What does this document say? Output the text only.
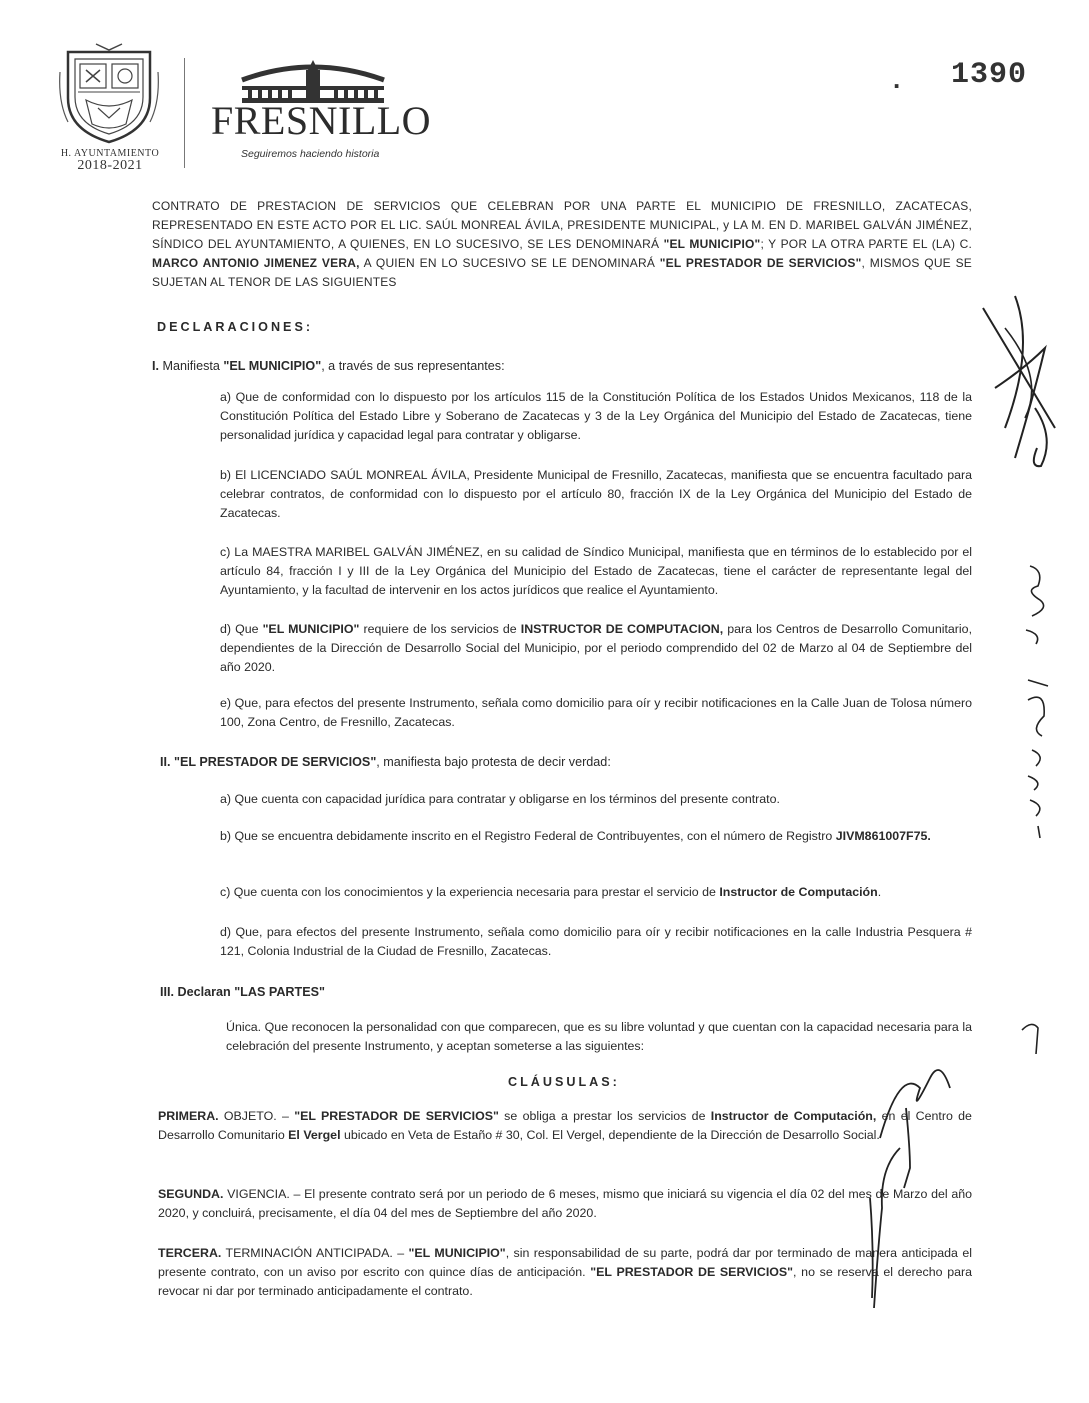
H. AYUNTAMIENTO
2018-2021
FRESNILLO
Seguiremos haciendo historia
. 1390

CONTRATO DE PRESTACION DE SERVICIOS QUE CELEBRAN POR UNA PARTE EL MUNICIPIO DE FRESNILLO, ZACATECAS, REPRESENTADO EN ESTE ACTO POR EL LIC. SAÚL MONREAL ÁVILA, PRESIDENTE MUNICIPAL, y LA M. EN D. MARIBEL GALVÁN JIMÉNEZ, SÍNDICO DEL AYUNTAMIENTO, A QUIENES, EN LO SUCESIVO, SE LES DENOMINARÁ "EL MUNICIPIO"; Y POR LA OTRA PARTE EL (LA) C. MARCO ANTONIO JIMENEZ VERA, A QUIEN EN LO SUCESIVO SE LE DENOMINARÁ "EL PRESTADOR DE SERVICIOS", MISMOS QUE SE SUJETAN AL TENOR DE LAS SIGUIENTES

DECLARACIONES:

I. Manifiesta "EL MUNICIPIO", a través de sus representantes:

a) Que de conformidad con lo dispuesto por los artículos 115 de la Constitución Política de los Estados Unidos Mexicanos, 118 de la Constitución Política del Estado Libre y Soberano de Zacatecas y 3 de la Ley Orgánica del Municipio del Estado de Zacatecas, tiene personalidad jurídica y capacidad legal para contratar y obligarse.

b) El LICENCIADO SAÚL MONREAL ÁVILA, Presidente Municipal de Fresnillo, Zacatecas, manifiesta que se encuentra facultado para celebrar contratos, de conformidad con lo dispuesto por el artículo 80, fracción IX de la Ley Orgánica del Municipio del Estado de Zacatecas.

c) La MAESTRA MARIBEL GALVÁN JIMÉNEZ, en su calidad de Síndico Municipal, manifiesta que en términos de lo establecido por el artículo 84, fracción I y III de la Ley Orgánica del Municipio del Estado de Zacatecas, tiene el carácter de representante legal del Ayuntamiento, y la facultad de intervenir en los actos jurídicos que realice el Ayuntamiento.

d) Que "EL MUNICIPIO" requiere de los servicios de INSTRUCTOR DE COMPUTACION, para los Centros de Desarrollo Comunitario, dependientes de la Dirección de Desarrollo Social del Municipio, por el periodo comprendido del 02 de Marzo al 04 de Septiembre del año 2020.

e) Que, para efectos del presente Instrumento, señala como domicilio para oír y recibir notificaciones en la Calle Juan de Tolosa número 100, Zona Centro, de Fresnillo, Zacatecas.

II. "EL PRESTADOR DE SERVICIOS", manifiesta bajo protesta de decir verdad:

a) Que cuenta con capacidad jurídica para contratar y obligarse en los términos del presente contrato.

b) Que se encuentra debidamente inscrito en el Registro Federal de Contribuyentes, con el número de Registro JIVM861007F75.

c) Que cuenta con los conocimientos y la experiencia necesaria para prestar el servicio de Instructor de Computación.

d) Que, para efectos del presente Instrumento, señala como domicilio para oír y recibir notificaciones en la calle Industria Pesquera # 121, Colonia Industrial de la Ciudad de Fresnillo, Zacatecas.

III. Declaran "LAS PARTES"

Única. Que reconocen la personalidad con que comparecen, que es su libre voluntad y que cuentan con la capacidad necesaria para la celebración del presente Instrumento, y aceptan someterse a las siguientes:

CLÁUSULAS:

PRIMERA. OBJETO. – "EL PRESTADOR DE SERVICIOS" se obliga a prestar los servicios de Instructor de Computación, en el Centro de Desarrollo Comunitario El Vergel ubicado en Veta de Estaño # 30, Col. El Vergel, dependiente de la Dirección de Desarrollo Social.

SEGUNDA. VIGENCIA. – El presente contrato será por un periodo de 6 meses, mismo que iniciará su vigencia el día 02 del mes de Marzo del año 2020, y concluirá, precisamente, el día 04 del mes de Septiembre del año 2020.

TERCERA. TERMINACIÓN ANTICIPADA. – "EL MUNICIPIO", sin responsabilidad de su parte, podrá dar por terminado de manera anticipada el presente contrato, con un aviso por escrito con quince días de anticipación. "EL PRESTADOR DE SERVICIOS", no se reserva el derecho para revocar ni dar por terminado anticipadamente el contrato.
